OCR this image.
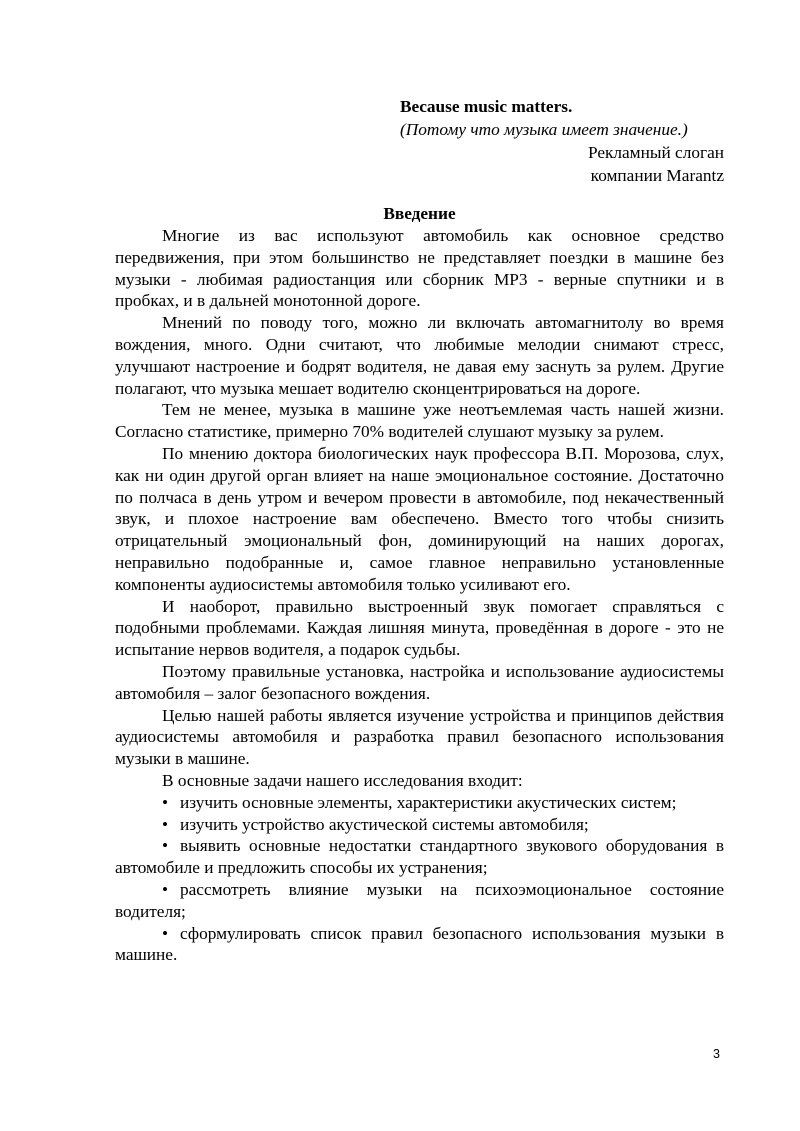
Because music matters.
(Потому что музыка имеет значение.)
Рекламный слоган
компании Marantz
Введение

Многие из вас используют автомобиль как основное средство передвижения, при этом большинство не представляет поездки в машине без музыки - любимая радиостанция или сборник МР3 - верные спутники и в пробках, и в дальней монотонной дороге.

Мнений по поводу того, можно ли включать автомагнитолу во время вождения, много. Одни считают, что любимые мелодии снимают стресс, улучшают настроение и бодрят водителя, не давая ему заснуть за рулем. Другие полагают, что музыка мешает водителю сконцентрироваться на дороге.

Тем не менее, музыка в машине уже неотъемлемая часть нашей жизни. Согласно статистике, примерно 70% водителей слушают музыку за рулем.

По мнению доктора биологических наук профессора В.П. Морозова, слух, как ни один другой орган влияет на наше эмоциональное состояние. Достаточно по полчаса в день утром и вечером провести в автомобиле, под некачественный звук, и плохое настроение вам обеспечено. Вместо того чтобы снизить отрицательный эмоциональный фон, доминирующий на наших дорогах, неправильно подобранные и, самое главное неправильно установленные компоненты аудиосистемы автомобиля только усиливают его.

И наоборот, правильно выстроенный звук помогает справляться с подобными проблемами. Каждая лишняя минута, проведённая в дороге - это не испытание нервов водителя, а подарок судьбы.

Поэтому правильные установка, настройка и использование аудиосистемы автомобиля – залог безопасного вождения.

Целью нашей работы является изучение устройства и принципов действия аудиосистемы автомобиля и разработка правил безопасного использования музыки в машине.

В основные задачи нашего исследования входит:

• изучить основные элементы, характеристики акустических систем;

• изучить устройство акустической системы автомобиля;

• выявить основные недостатки стандартного звукового оборудования в автомобиле и предложить способы их устранения;

• рассмотреть влияние музыки на психоэмоциональное состояние водителя;

• сформулировать список правил безопасного использования музыки в машине.

3
